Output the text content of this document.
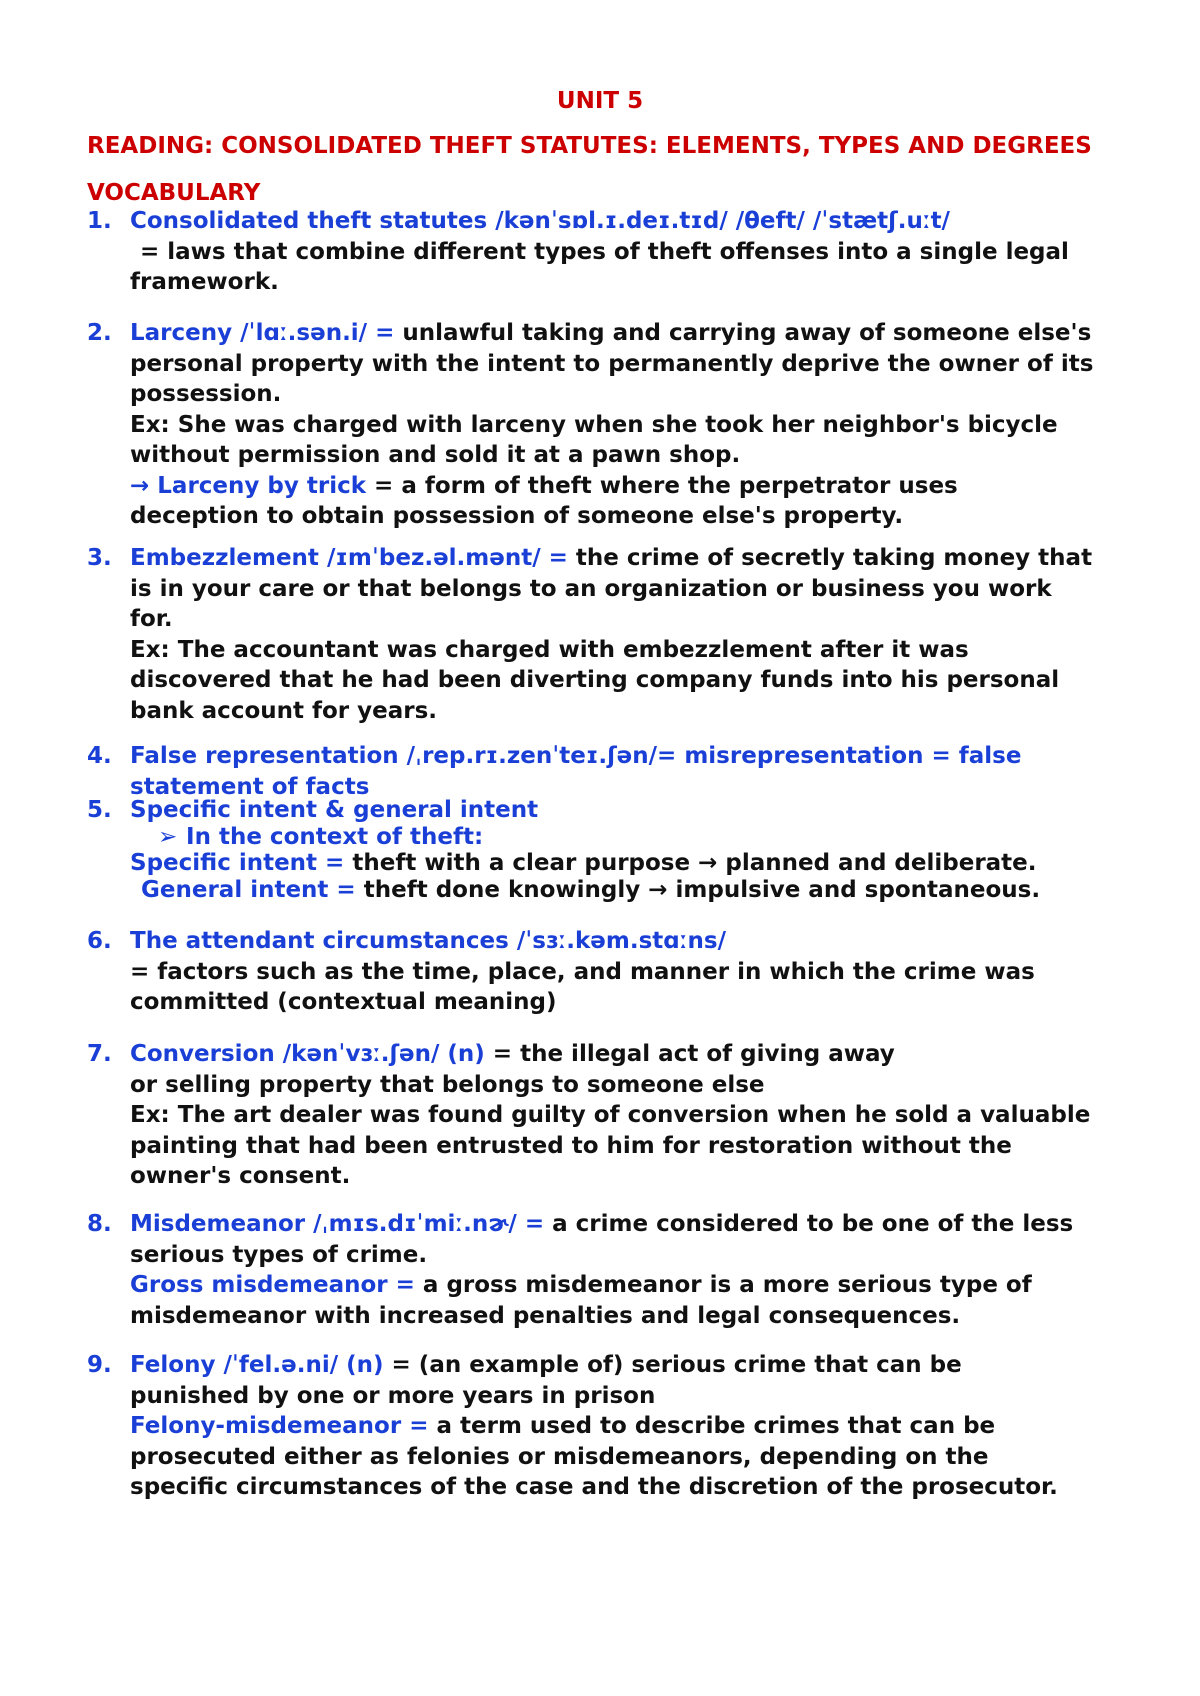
UNIT 5
READING: CONSOLIDATED THEFT STATUTES: ELEMENTS, TYPES AND DEGREES
VOCABULARY
1. Consolidated theft statutes /kənˈsɒl.ɪ.deɪ.tɪd/ /θeft/ /ˈstætʃ.uːt/
= laws that combine different types of theft offenses into a single legal
framework.
2. Larceny /ˈlɑː.sən.i/ = unlawful taking and carrying away of someone else's
personal property with the intent to permanently deprive the owner of its
possession.
Ex: She was charged with larceny when she took her neighbor's bicycle
without permission and sold it at a pawn shop.
→ Larceny by trick = a form of theft where the perpetrator uses
deception to obtain possession of someone else's property.
3. Embezzlement /ɪmˈbez.əl.mənt/ = the crime of secretly taking money that
is in your care or that belongs to an organization or business you work
for.
Ex: The accountant was charged with embezzlement after it was
discovered that he had been diverting company funds into his personal
bank account for years.
4. False representation /ˌrep.rɪ.zenˈteɪ.ʃən/= misrepresentation = false
statement of facts
5. Specific intent & general intent
➢ In the context of theft:
Specific intent = theft with a clear purpose → planned and deliberate.
General intent = theft done knowingly → impulsive and spontaneous.
6. The attendant circumstances /ˈsɜː.kəm.stɑːns/
= factors such as the time, place, and manner in which the crime was
committed (contextual meaning)
7. Conversion /kənˈvɜː.ʃən/ (n) = the illegal act of giving away
or selling property that belongs to someone else
Ex: The art dealer was found guilty of conversion when he sold a valuable
painting that had been entrusted to him for restoration without the
owner's consent.
8. Misdemeanor /ˌmɪs.dɪˈmiː.nɚ/ = a crime considered to be one of the less
serious types of crime.
Gross misdemeanor = a gross misdemeanor is a more serious type of
misdemeanor with increased penalties and legal consequences.
9. Felony /ˈfel.ə.ni/ (n) = (an example of) serious crime that can be
punished by one or more years in prison
Felony-misdemeanor = a term used to describe crimes that can be
prosecuted either as felonies or misdemeanors, depending on the
specific circumstances of the case and the discretion of the prosecutor.
